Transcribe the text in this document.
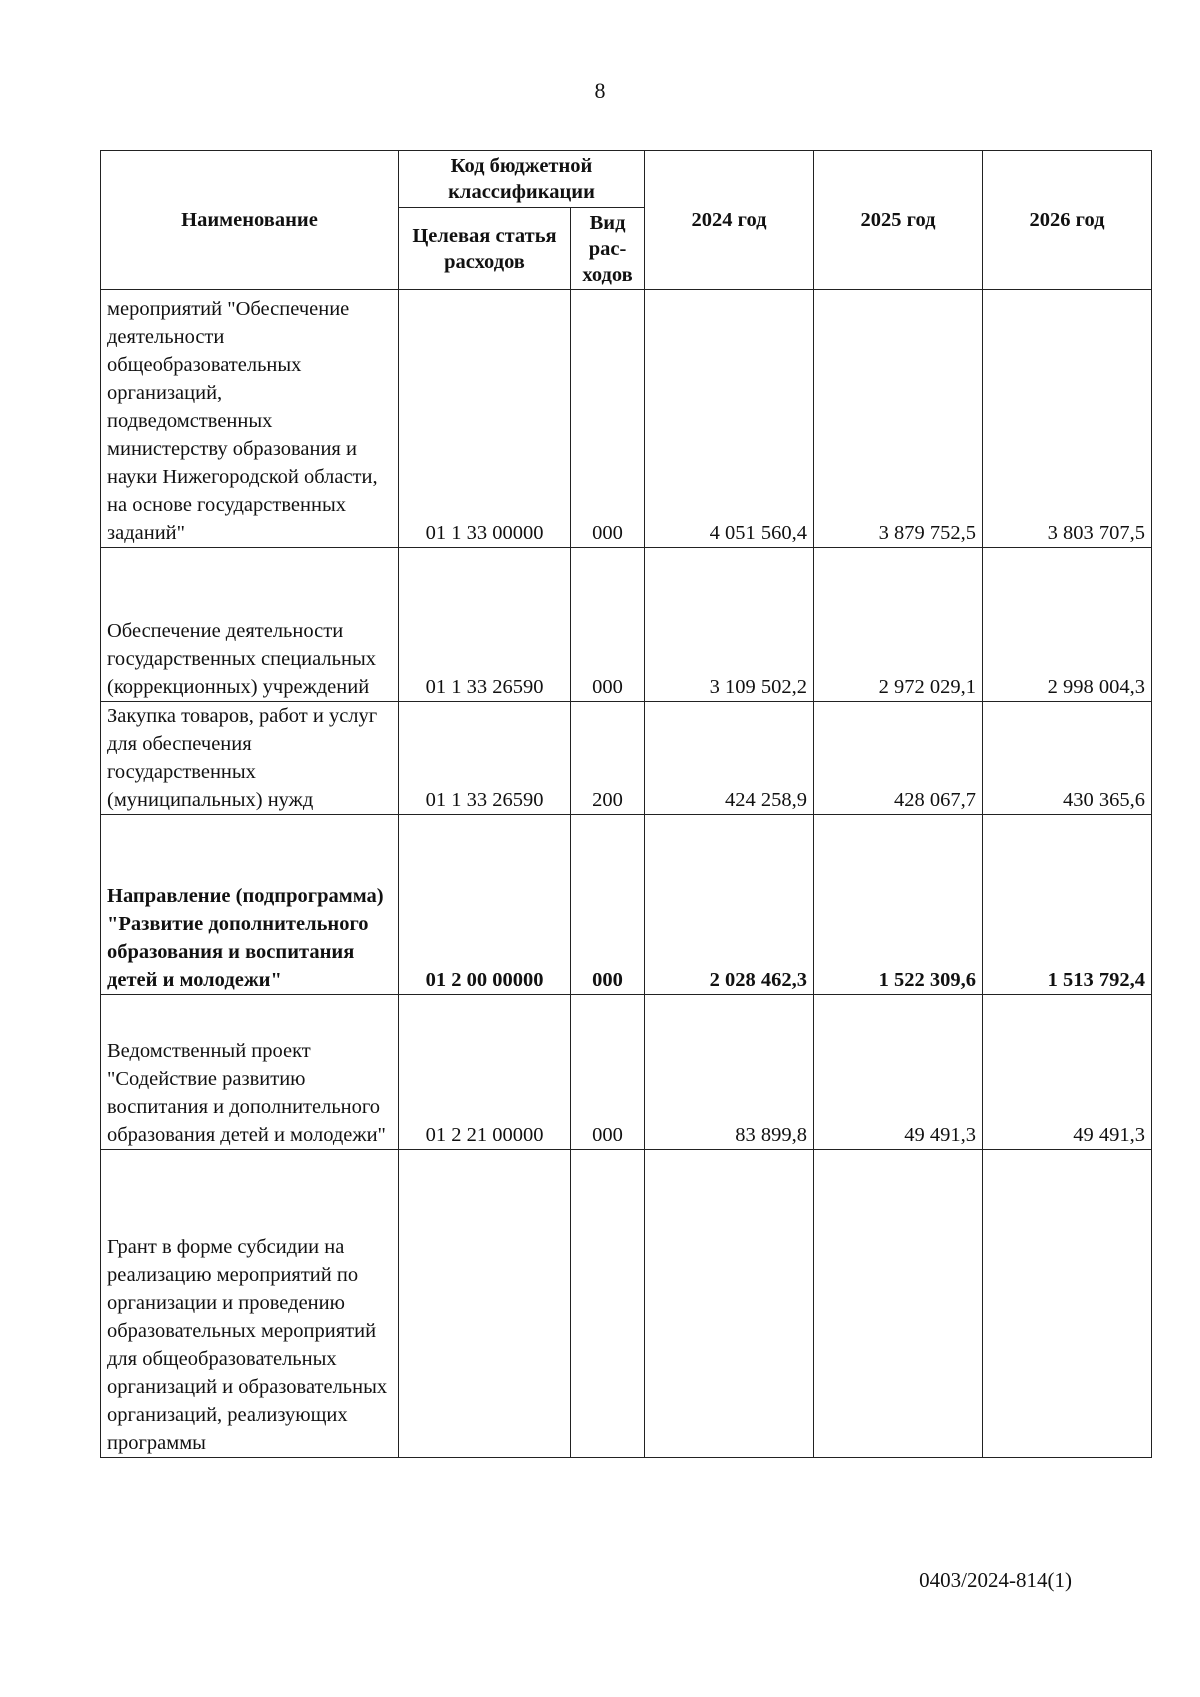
8
Наименование	Код бюджетной классификации		2024 год	2025 год	2026 год
	Целевая статья расходов	Вид рас- ходов			
мероприятий "Обеспечение деятельности общеобразовательных организаций, подведомственных министерству образования и науки Нижегородской области, на основе государственных заданий"	01 1 33 00000	000	4 051 560,4	3 879 752,5	3 803 707,5
Обеспечение деятельности государственных специальных (коррекционных) учреждений	01 1 33 26590	000	3 109 502,2	2 972 029,1	2 998 004,3
Закупка товаров, работ и услуг для обеспечения государственных (муниципальных) нужд	01 1 33 26590	200	424 258,9	428 067,7	430 365,6
Направление (подпрограмма) "Развитие дополнительного образования и воспитания детей и молодежи"	01 2 00 00000	000	2 028 462,3	1 522 309,6	1 513 792,4
Ведомственный проект "Содействие развитию воспитания и дополнительного образования детей и молодежи"	01 2 21 00000	000	83 899,8	49 491,3	49 491,3
Грант в форме субсидии на реализацию мероприятий по организации и проведению образовательных мероприятий для общеобразовательных организаций и образовательных организаций, реализующих программы					
0403/2024-814(1)
